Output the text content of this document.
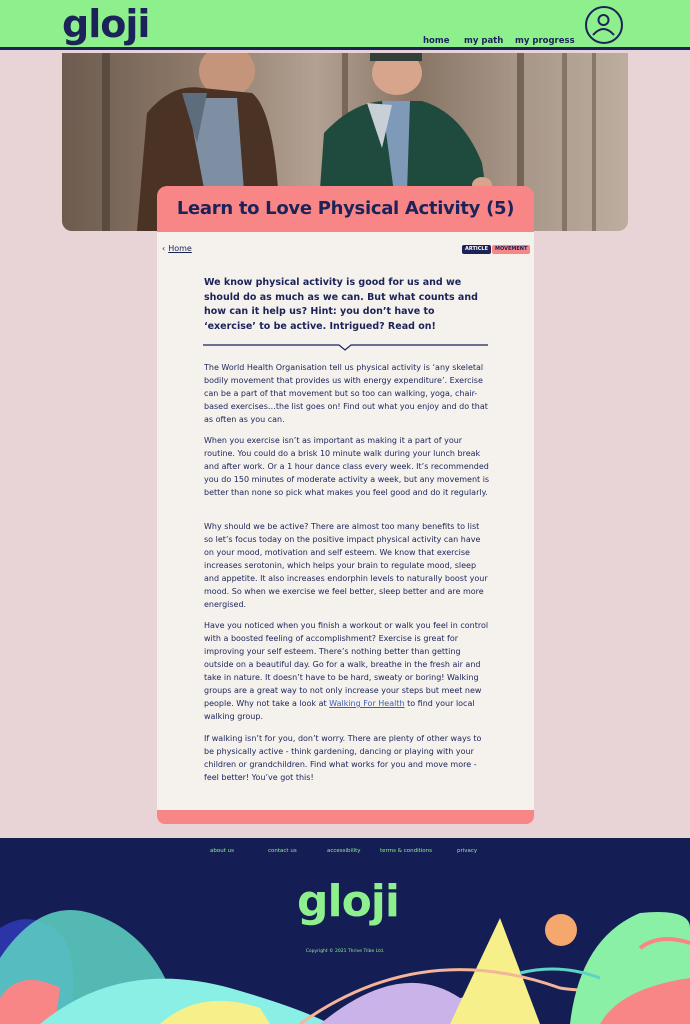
gloji	home my path my progress
Learn to Love Physical Activity (5)
‹ Home	ARTICLE	MOVEMENT
We know physical activity is good for us and we should do as much as we can. But what counts and how can it help us? Hint: you don’t have to ‘exercise’ to be active. Intrigued? Read on!

The World Health Organisation tell us physical activity is ‘any skeletal bodily movement that provides us with energy expenditure’. Exercise can be a part of that movement but so too can walking, yoga, chair-based exercises…the list goes on! Find out what you enjoy and do that as often as you can.

When you exercise isn’t as important as making it a part of your routine. You could do a brisk 10 minute walk during your lunch break and after work. Or a 1 hour dance class every week. It’s recommended you do 150 minutes of moderate activity a week, but any movement is better than none so pick what makes you feel good and do it regularly.

Why should we be active? There are almost too many benefits to list so let’s focus today on the positive impact physical activity can have on your mood, motivation and self esteem. We know that exercise increases serotonin, which helps your brain to regulate mood, sleep and appetite. It also increases endorphin levels to naturally boost your mood. So when we exercise we feel better, sleep better and are more energised.

Have you noticed when you finish a workout or walk you feel in control with a boosted feeling of accomplishment? Exercise is great for improving your self esteem. There’s nothing better than getting outside on a beautiful day. Go for a walk, breathe in the fresh air and take in nature. It doesn’t have to be hard, sweaty or boring! Walking groups are a great way to not only increase your steps but meet new people. Why not take a look at Walking For Health to find your local walking group.

If walking isn’t for you, don’t worry. There are plenty of other ways to be physically active - think gardening, dancing or playing with your children or grandchildren. Find what works for you and move more - feel better! You’ve got this!

about us	contact us	accessibility	terms & conditions	privacy
gloji
Copyright © 2021 Thrive Tribe Ltd.
